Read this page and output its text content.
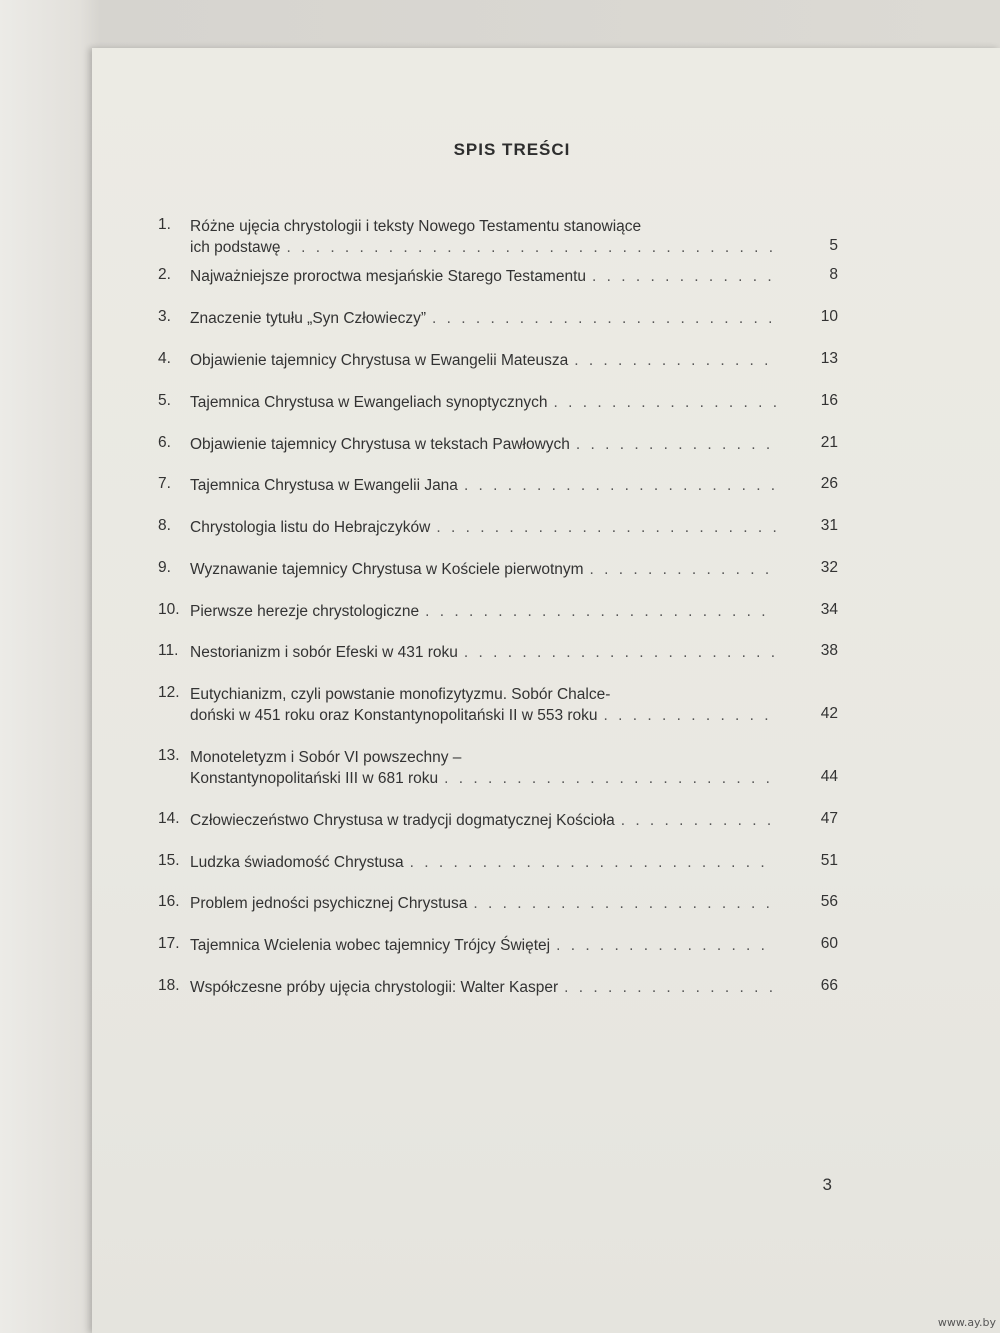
SPIS TREŚCI
1.	Różne ujęcia chrystologii i teksty Nowego Testamentu stanowiące
ich podstawę . . .	5
2.	Najważniejsze proroctwa mesjańskie Starego Testamentu . . .	8
3.	Znaczenie tytułu „Syn Człowieczy” . . .	10
4.	Objawienie tajemnicy Chrystusa w Ewangelii Mateusza . . .	13
5.	Tajemnica Chrystusa w Ewangeliach synoptycznych . . .	16
6.	Objawienie tajemnicy Chrystusa w tekstach Pawłowych . . .	21
7.	Tajemnica Chrystusa w Ewangelii Jana . . .	26
8.	Chrystologia listu do Hebrajczyków . . .	31
9.	Wyznawanie tajemnicy Chrystusa w Kościele pierwotnym . . .	32
10. Pierwsze herezje chrystologiczne . . .	34
11. Nestorianizm i sobór Efeski w 431 roku . . .	38
12. Eutychianizm, czyli powstanie monofizytyzmu. Sobór Chalce-
doński w 451 roku oraz Konstantynopolitański II w 553 roku . . .	42
13. Monoteletyzm i Sobór VI powszechny –
Konstantynopolitański III w 681 roku . . .	44
14. Człowieczeństwo Chrystusa w tradycji dogmatycznej Kościoła . . .	47
15. Ludzka świadomość Chrystusa . . .	51
16. Problem jedności psychicznej Chrystusa . . .	56
17. Tajemnica Wcielenia wobec tajemnicy Trójcy Świętej . . .	60
18. Współczesne próby ujęcia chrystologii: Walter Kasper . . .	66
3
www.ay.by
